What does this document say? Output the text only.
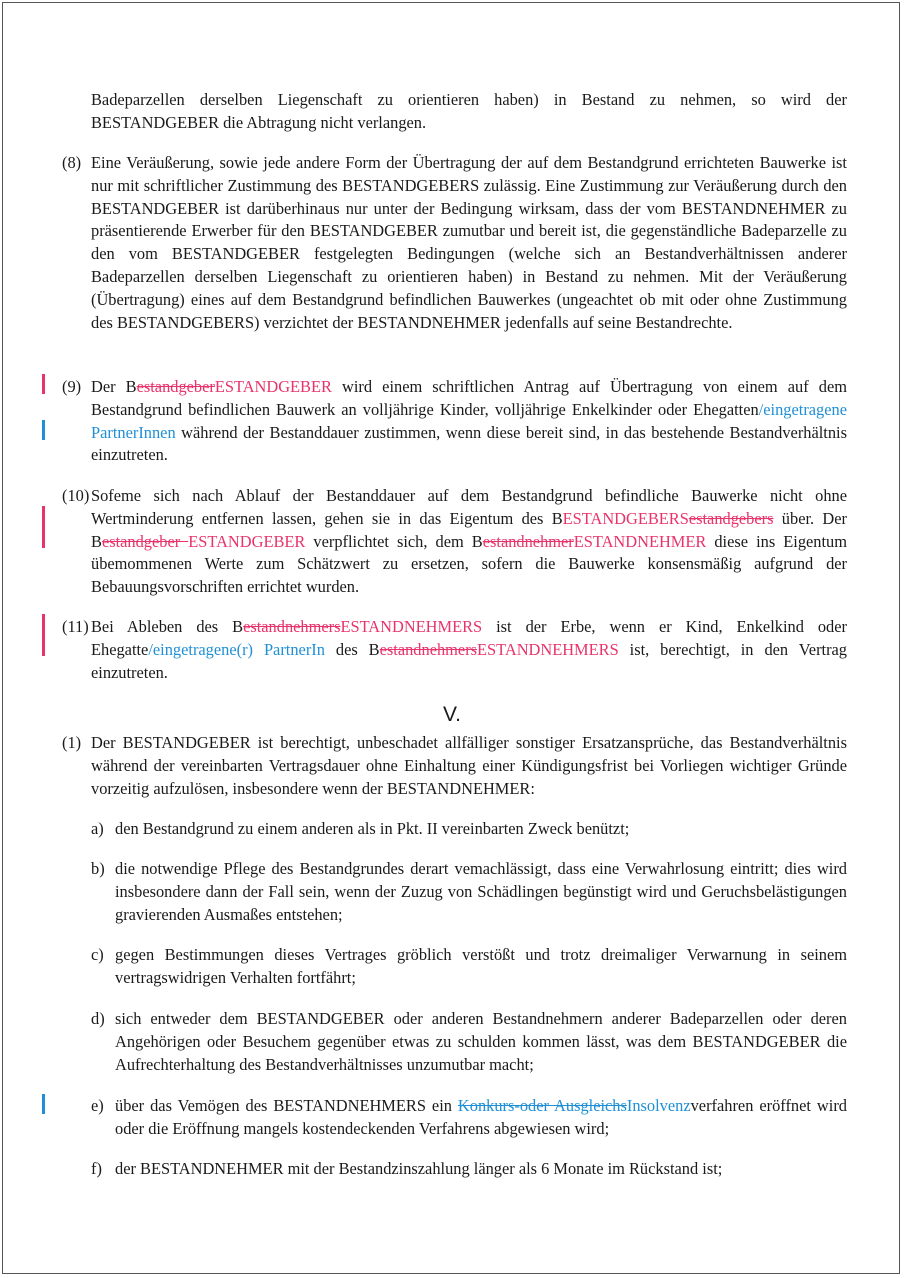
Badeparzellen derselben Liegenschaft zu orientieren haben) in Bestand zu nehmen, so wird der BESTANDGEBER die Abtragung nicht verlangen.
(8) Eine Veräußerung, sowie jede andere Form der Übertragung der auf dem Bestandgrund errichteten Bauwerke ist nur mit schriftlicher Zustimmung des BESTANDGEBERS zulässig. Eine Zustimmung zur Veräußerung durch den BESTANDGEBER ist darüberhinaus nur unter der Bedingung wirksam, dass der vom BESTANDNEHMER zu präsentierende Erwerber für den BESTANDGEBER zumutbar und bereit ist, die gegenständliche Badeparzelle zu den vom BESTANDGEBER festgelegten Bedingungen (welche sich an Bestandverhältnissen anderer Badeparzellen derselben Liegenschaft zu orientieren haben) in Bestand zu nehmen. Mit der Veräußerung (Übertragung) eines auf dem Bestandgrund befindlichen Bauwerkes (ungeachtet ob mit oder ohne Zustimmung des BESTANDGEBERS) verzichtet der BESTANDNEHMER jedenfalls auf seine Bestandrechte.
(9) Der BestandgeberESTANDGEBER wird einem schriftlichen Antrag auf Übertragung von einem auf dem Bestandgrund befindlichen Bauwerk an volljährige Kinder, volljährige Enkelkinder oder Ehegatten/eingetragene PartnerInnen während der Bestanddauer zustimmen, wenn diese bereit sind, in das bestehende Bestandverhältnis einzutreten.
(10) Sofeme sich nach Ablauf der Bestanddauer auf dem Bestandgrund befindliche Bauwerke nicht ohne Wertminderung entfernen lassen, gehen sie in das Eigentum des BESTANDGEBERSestandgebers über. Der Bestandgeber ESTANDGEBER verpflichtet sich, dem BestandnehmerESTANDNEHMER diese ins Eigentum übemommenen Werte zum Schätzwert zu ersetzen, sofern die Bauwerke konsensmäßig aufgrund der Bebauungsvorschriften errichtet wurden.
(11) Bei Ableben des BestandnehmersESTANDNEHMERS ist der Erbe, wenn er Kind, Enkelkind oder Ehegatte/eingetragene(r) PartnerIn des BestandnehmersESTANDNEHMERS ist, berechtigt, in den Vertrag einzutreten.
V.
(1) Der BESTANDGEBER ist berechtigt, unbeschadet allfälliger sonstiger Ersatzansprüche, das Bestandverhältnis während der vereinbarten Vertragsdauer ohne Einhaltung einer Kündigungsfrist bei Vorliegen wichtiger Gründe vorzeitig aufzulösen, insbesondere wenn der BESTANDNEHMER:
a) den Bestandgrund zu einem anderen als in Pkt. II vereinbarten Zweck benützt;
b) die notwendige Pflege des Bestandgrundes derart vemachlässigt, dass eine Verwahrlosung eintritt; dies wird insbesondere dann der Fall sein, wenn der Zuzug von Schädlingen begünstigt wird und Geruchsbelästigungen gravierenden Ausmaßes entstehen;
c) gegen Bestimmungen dieses Vertrages gröblich verstößt und trotz dreimaliger Verwarnung in seinem vertragswidrigen Verhalten fortfährt;
d) sich entweder dem BESTANDGEBER oder anderen Bestandnehmern anderer Badeparzellen oder deren Angehörigen oder Besuchem gegenüber etwas zu schulden kommen lässt, was dem BESTANDGEBER die Aufrechterhaltung des Bestandverhältnisses unzumutbar macht;
e) über das Vemögen des BESTANDNEHMERS ein Konkurs-oder AusgleichsInsolvenzverfahren eröffnet wird oder die Eröffnung mangels kostendeckenden Verfahrens abgewiesen wird;
f) der BESTANDNEHMER mit der Bestandzinszahlung länger als 6 Monate im Rückstand ist;
